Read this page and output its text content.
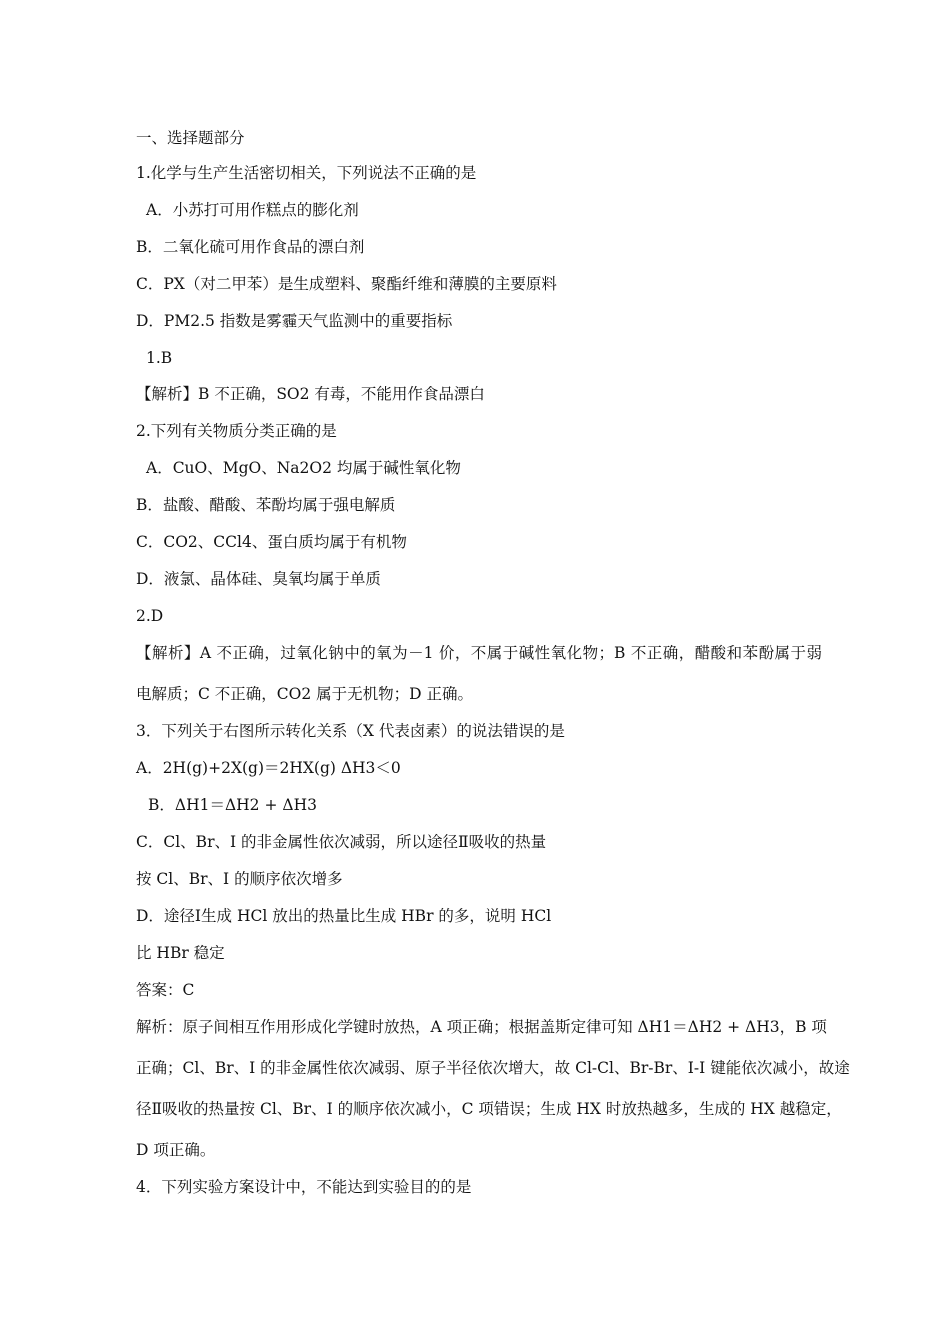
一、选择题部分
1.化学与生产生活密切相关，下列说法不正确的是
A．小苏打可用作糕点的膨化剂
B．二氧化硫可用作食品的漂白剂
C．PX（对二甲苯）是生成塑料、聚酯纤维和薄膜的主要原料
D．PM2.5 指数是雾霾天气监测中的重要指标
1.B
【解析】B 不正确，SO2 有毒，不能用作食品漂白
2.下列有关物质分类正确的是
A．CuO、MgO、Na2O2 均属于碱性氧化物
B．盐酸、醋酸、苯酚均属于强电解质
C．CO2、CCl4、蛋白质均属于有机物
D．液氯、晶体硅、臭氧均属于单质
2.D
【解析】A 不正确，过氧化钠中的氧为－1 价，不属于碱性氧化物；B 不正确，醋酸和苯酚属于弱
电解质；C 不正确，CO2 属于无机物；D 正确。
3．下列关于右图所示转化关系（X 代表卤素）的说法错误的是
A．2H(g)+2X(g)＝2HX(g) ΔH3＜0
B．ΔH1＝ΔH2 + ΔH3
C．Cl、Br、I 的非金属性依次减弱，所以途径Ⅱ吸收的热量
按 Cl、Br、I 的顺序依次增多
D．途径Ⅰ生成 HCl 放出的热量比生成 HBr 的多，说明 HCl
比 HBr 稳定
答案：C
解析：原子间相互作用形成化学键时放热，A 项正确；根据盖斯定律可知 ΔH1＝ΔH2 + ΔH3，B 项
正确；Cl、Br、I 的非金属性依次减弱、原子半径依次增大，故 Cl-Cl、Br-Br、I-I 键能依次减小，故途
径Ⅱ吸收的热量按 Cl、Br、I 的顺序依次减小，C 项错误；生成 HX 时放热越多，生成的 HX 越稳定，
D 项正确。
4．下列实验方案设计中，不能达到实验目的的是
